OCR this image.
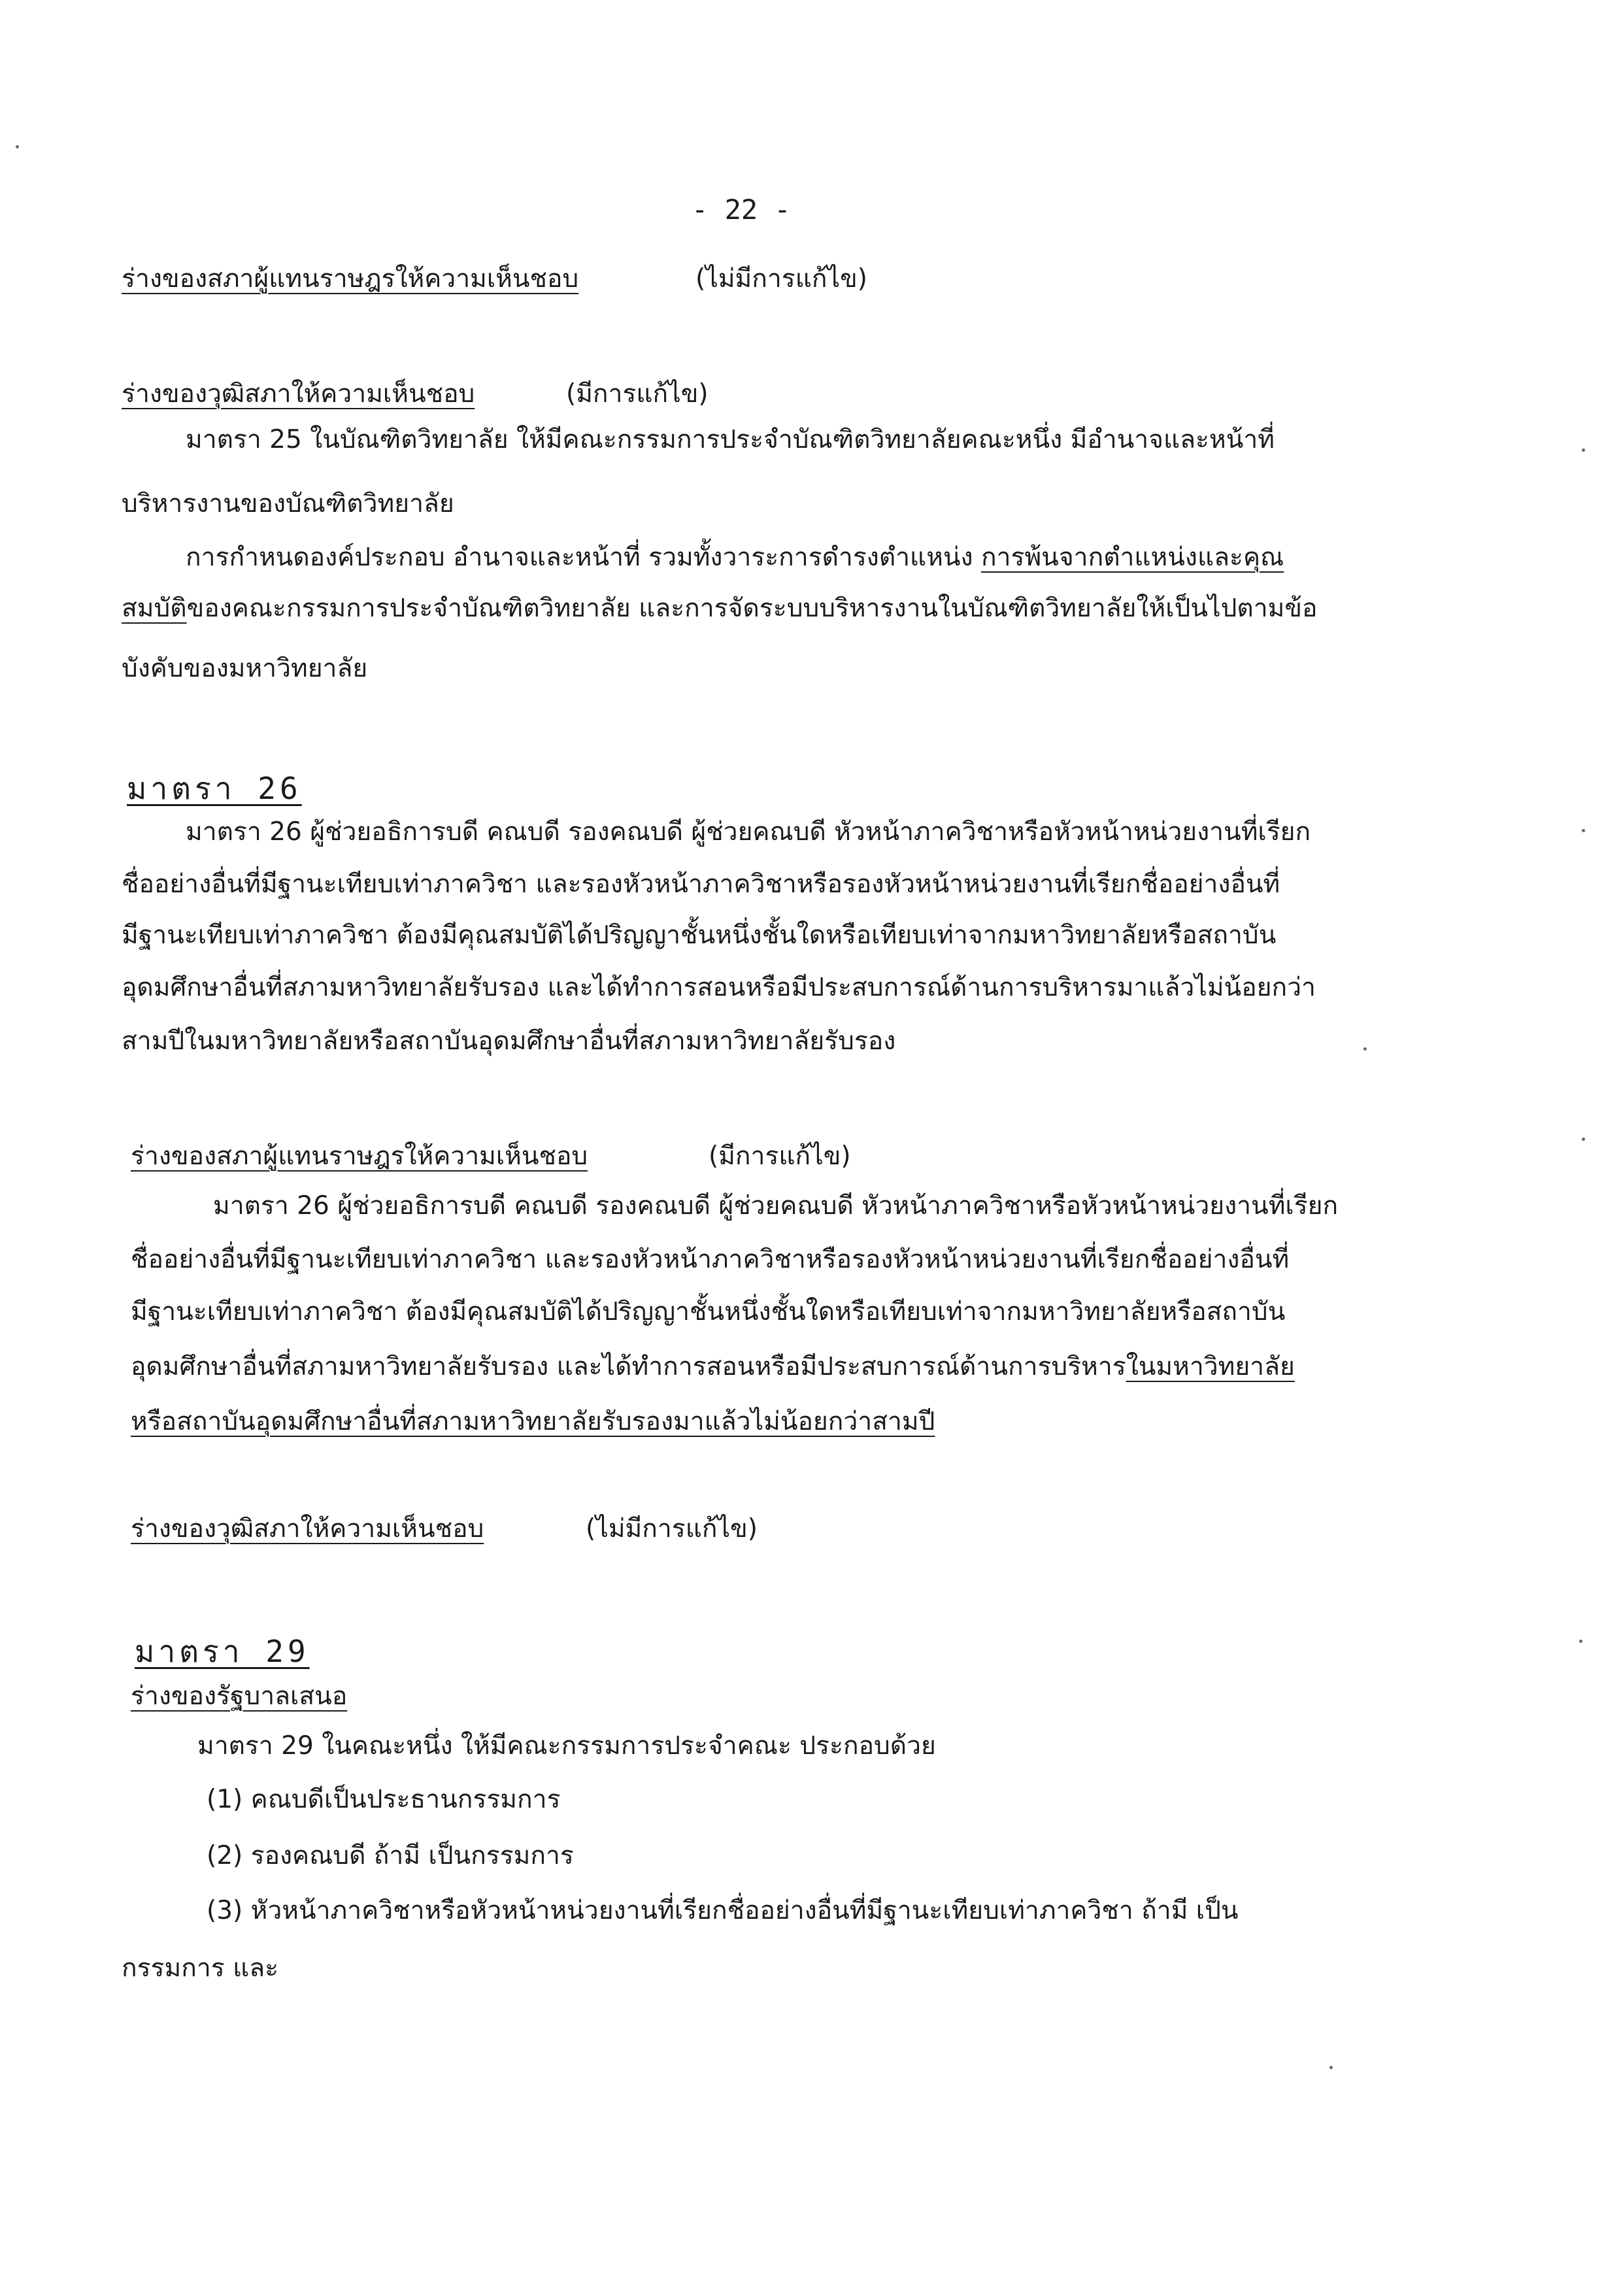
- 22 -
ร่างของสภาผู้แทนราษฎรให้ความเห็นชอบ	(ไม่มีการแก้ไข)
ร่างของวุฒิสภาให้ความเห็นชอบ	(มีการแก้ไข)
มาตรา 25 ในบัณฑิตวิทยาลัย ให้มีคณะกรรมการประจำบัณฑิตวิทยาลัยคณะหนึ่ง มีอำนาจและหน้าที่
บริหารงานของบัณฑิตวิทยาลัย
การกำหนดองค์ประกอบ อำนาจและหน้าที่ รวมทั้งวาระการดำรงตำแหน่ง การพ้นจากตำแหน่งและคุณ
สมบัติของคณะกรรมการประจำบัณฑิตวิทยาลัย และการจัดระบบบริหารงานในบัณฑิตวิทยาลัยให้เป็นไปตามข้อ
บังคับของมหาวิทยาลัย
มาตรา 26
มาตรา 26 ผู้ช่วยอธิการบดี คณบดี รองคณบดี ผู้ช่วยคณบดี หัวหน้าภาควิชาหรือหัวหน้าหน่วยงานที่เรียก
ชื่ออย่างอื่นที่มีฐานะเทียบเท่าภาควิชา และรองหัวหน้าภาควิชาหรือรองหัวหน้าหน่วยงานที่เรียกชื่ออย่างอื่นที่
มีฐานะเทียบเท่าภาควิชา ต้องมีคุณสมบัติได้ปริญญาชั้นหนึ่งชั้นใดหรือเทียบเท่าจากมหาวิทยาลัยหรือสถาบัน
อุดมศึกษาอื่นที่สภามหาวิทยาลัยรับรอง และได้ทำการสอนหรือมีประสบการณ์ด้านการบริหารมาแล้วไม่น้อยกว่า
สามปีในมหาวิทยาลัยหรือสถาบันอุดมศึกษาอื่นที่สภามหาวิทยาลัยรับรอง
ร่างของสภาผู้แทนราษฎรให้ความเห็นชอบ	(มีการแก้ไข)
มาตรา 26 ผู้ช่วยอธิการบดี คณบดี รองคณบดี ผู้ช่วยคณบดี หัวหน้าภาควิชาหรือหัวหน้าหน่วยงานที่เรียก
ชื่ออย่างอื่นที่มีฐานะเทียบเท่าภาควิชา และรองหัวหน้าภาควิชาหรือรองหัวหน้าหน่วยงานที่เรียกชื่ออย่างอื่นที่
มีฐานะเทียบเท่าภาควิชา ต้องมีคุณสมบัติได้ปริญญาชั้นหนึ่งชั้นใดหรือเทียบเท่าจากมหาวิทยาลัยหรือสถาบัน
อุดมศึกษาอื่นที่สภามหาวิทยาลัยรับรอง และได้ทำการสอนหรือมีประสบการณ์ด้านการบริหารในมหาวิทยาลัย
หรือสถาบันอุดมศึกษาอื่นที่สภามหาวิทยาลัยรับรองมาแล้วไม่น้อยกว่าสามปี
ร่างของวุฒิสภาให้ความเห็นชอบ	(ไม่มีการแก้ไข)
มาตรา 29
ร่างของรัฐบาลเสนอ
มาตรา 29 ในคณะหนึ่ง ให้มีคณะกรรมการประจำคณะ ประกอบด้วย
(1) คณบดีเป็นประธานกรรมการ
(2) รองคณบดี ถ้ามี เป็นกรรมการ
(3) หัวหน้าภาควิชาหรือหัวหน้าหน่วยงานที่เรียกชื่ออย่างอื่นที่มีฐานะเทียบเท่าภาควิชา ถ้ามี เป็น
กรรมการ และ
